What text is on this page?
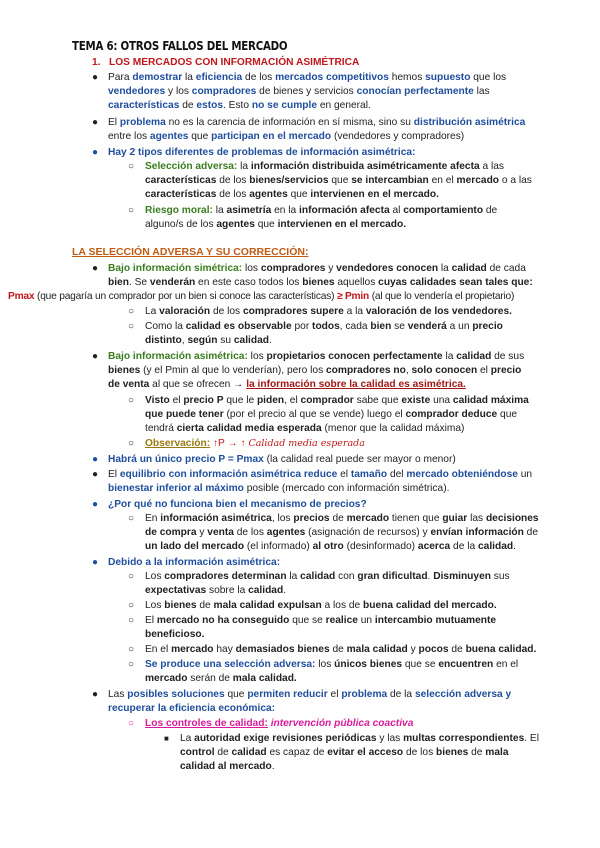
TEMA 6: OTROS FALLOS DEL MERCADO
1. LOS MERCADOS CON INFORMACIÓN ASIMÉTRICA
● Para demostrar la eficiencia de los mercados competitivos hemos supuesto que los
vendedores y los compradores de bienes y servicios conocían perfectamente las
características de estos. Esto no se cumple en general.
● El problema no es la carencia de información en sí misma, sino su distribución asimétrica
entre los agentes que participan en el mercado (vendedores y compradores)
● Hay 2 tipos diferentes de problemas de información asimétrica:
○ Selección adversa: la información distribuida asimétricamente afecta a las
características de los bienes/servicios que se intercambian en el mercado o a las
características de los agentes que intervienen en el mercado.
○ Riesgo moral: la asimetría en la información afecta al comportamiento de
alguno/s de los agentes que intervienen en el mercado.
LA SELECCIÓN ADVERSA Y SU CORRECCIÓN:
● Bajo información simétrica: los compradores y vendedores conocen la calidad de cada
bien. Se venderán en este caso todos los bienes aquellos cuyas calidades sean tales que:
Pmax (que pagaría un comprador por un bien si conoce las características) ≥ Pmin (al que lo vendería el propietario)
○ La valoración de los compradores supere a la valoración de los vendedores.
○ Como la calidad es observable por todos, cada bien se venderá a un precio
distinto, según su calidad.
● Bajo información asimétrica: los propietarios conocen perfectamente la calidad de sus
bienes (y el Pmin al que lo venderían), pero los compradores no, solo conocen el precio
de venta al que se ofrecen → la información sobre la calidad es asimétrica.
○ Visto el precio P que le piden, el comprador sabe que existe una calidad máxima
que puede tener (por el precio al que se vende) luego el comprador deduce que
tendrá cierta calidad media esperada (menor que la calidad máxima)
○ Observación: ↑P → ↑ Calidad media esperada
● Habrá un único precio P = Pmax (la calidad real puede ser mayor o menor)
● El equilibrio con información asimétrica reduce el tamaño del mercado obteniéndose un
bienestar inferior al máximo posible (mercado con información simétrica).
● ¿Por qué no funciona bien el mecanismo de precios?
○ En información asimétrica, los precios de mercado tienen que guiar las decisiones
de compra y venta de los agentes (asignación de recursos) y envían información de
un lado del mercado (el informado) al otro (desinformado) acerca de la calidad.
● Debido a la información asimétrica:
○ Los compradores determinan la calidad con gran dificultad. Disminuyen sus
expectativas sobre la calidad.
○ Los bienes de mala calidad expulsan a los de buena calidad del mercado.
○ El mercado no ha conseguido que se realice un intercambio mutuamente
beneficioso.
○ En el mercado hay demasiados bienes de mala calidad y pocos de buena calidad.
○ Se produce una selección adversa: los únicos bienes que se encuentren en el
mercado serán de mala calidad.
● Las posibles soluciones que permiten reducir el problema de la selección adversa y
recuperar la eficiencia económica:
○ Los controles de calidad: intervención pública coactiva
■ La autoridad exige revisiones periódicas y las multas correspondientes. El
control de calidad es capaz de evitar el acceso de los bienes de mala
calidad al mercado.
